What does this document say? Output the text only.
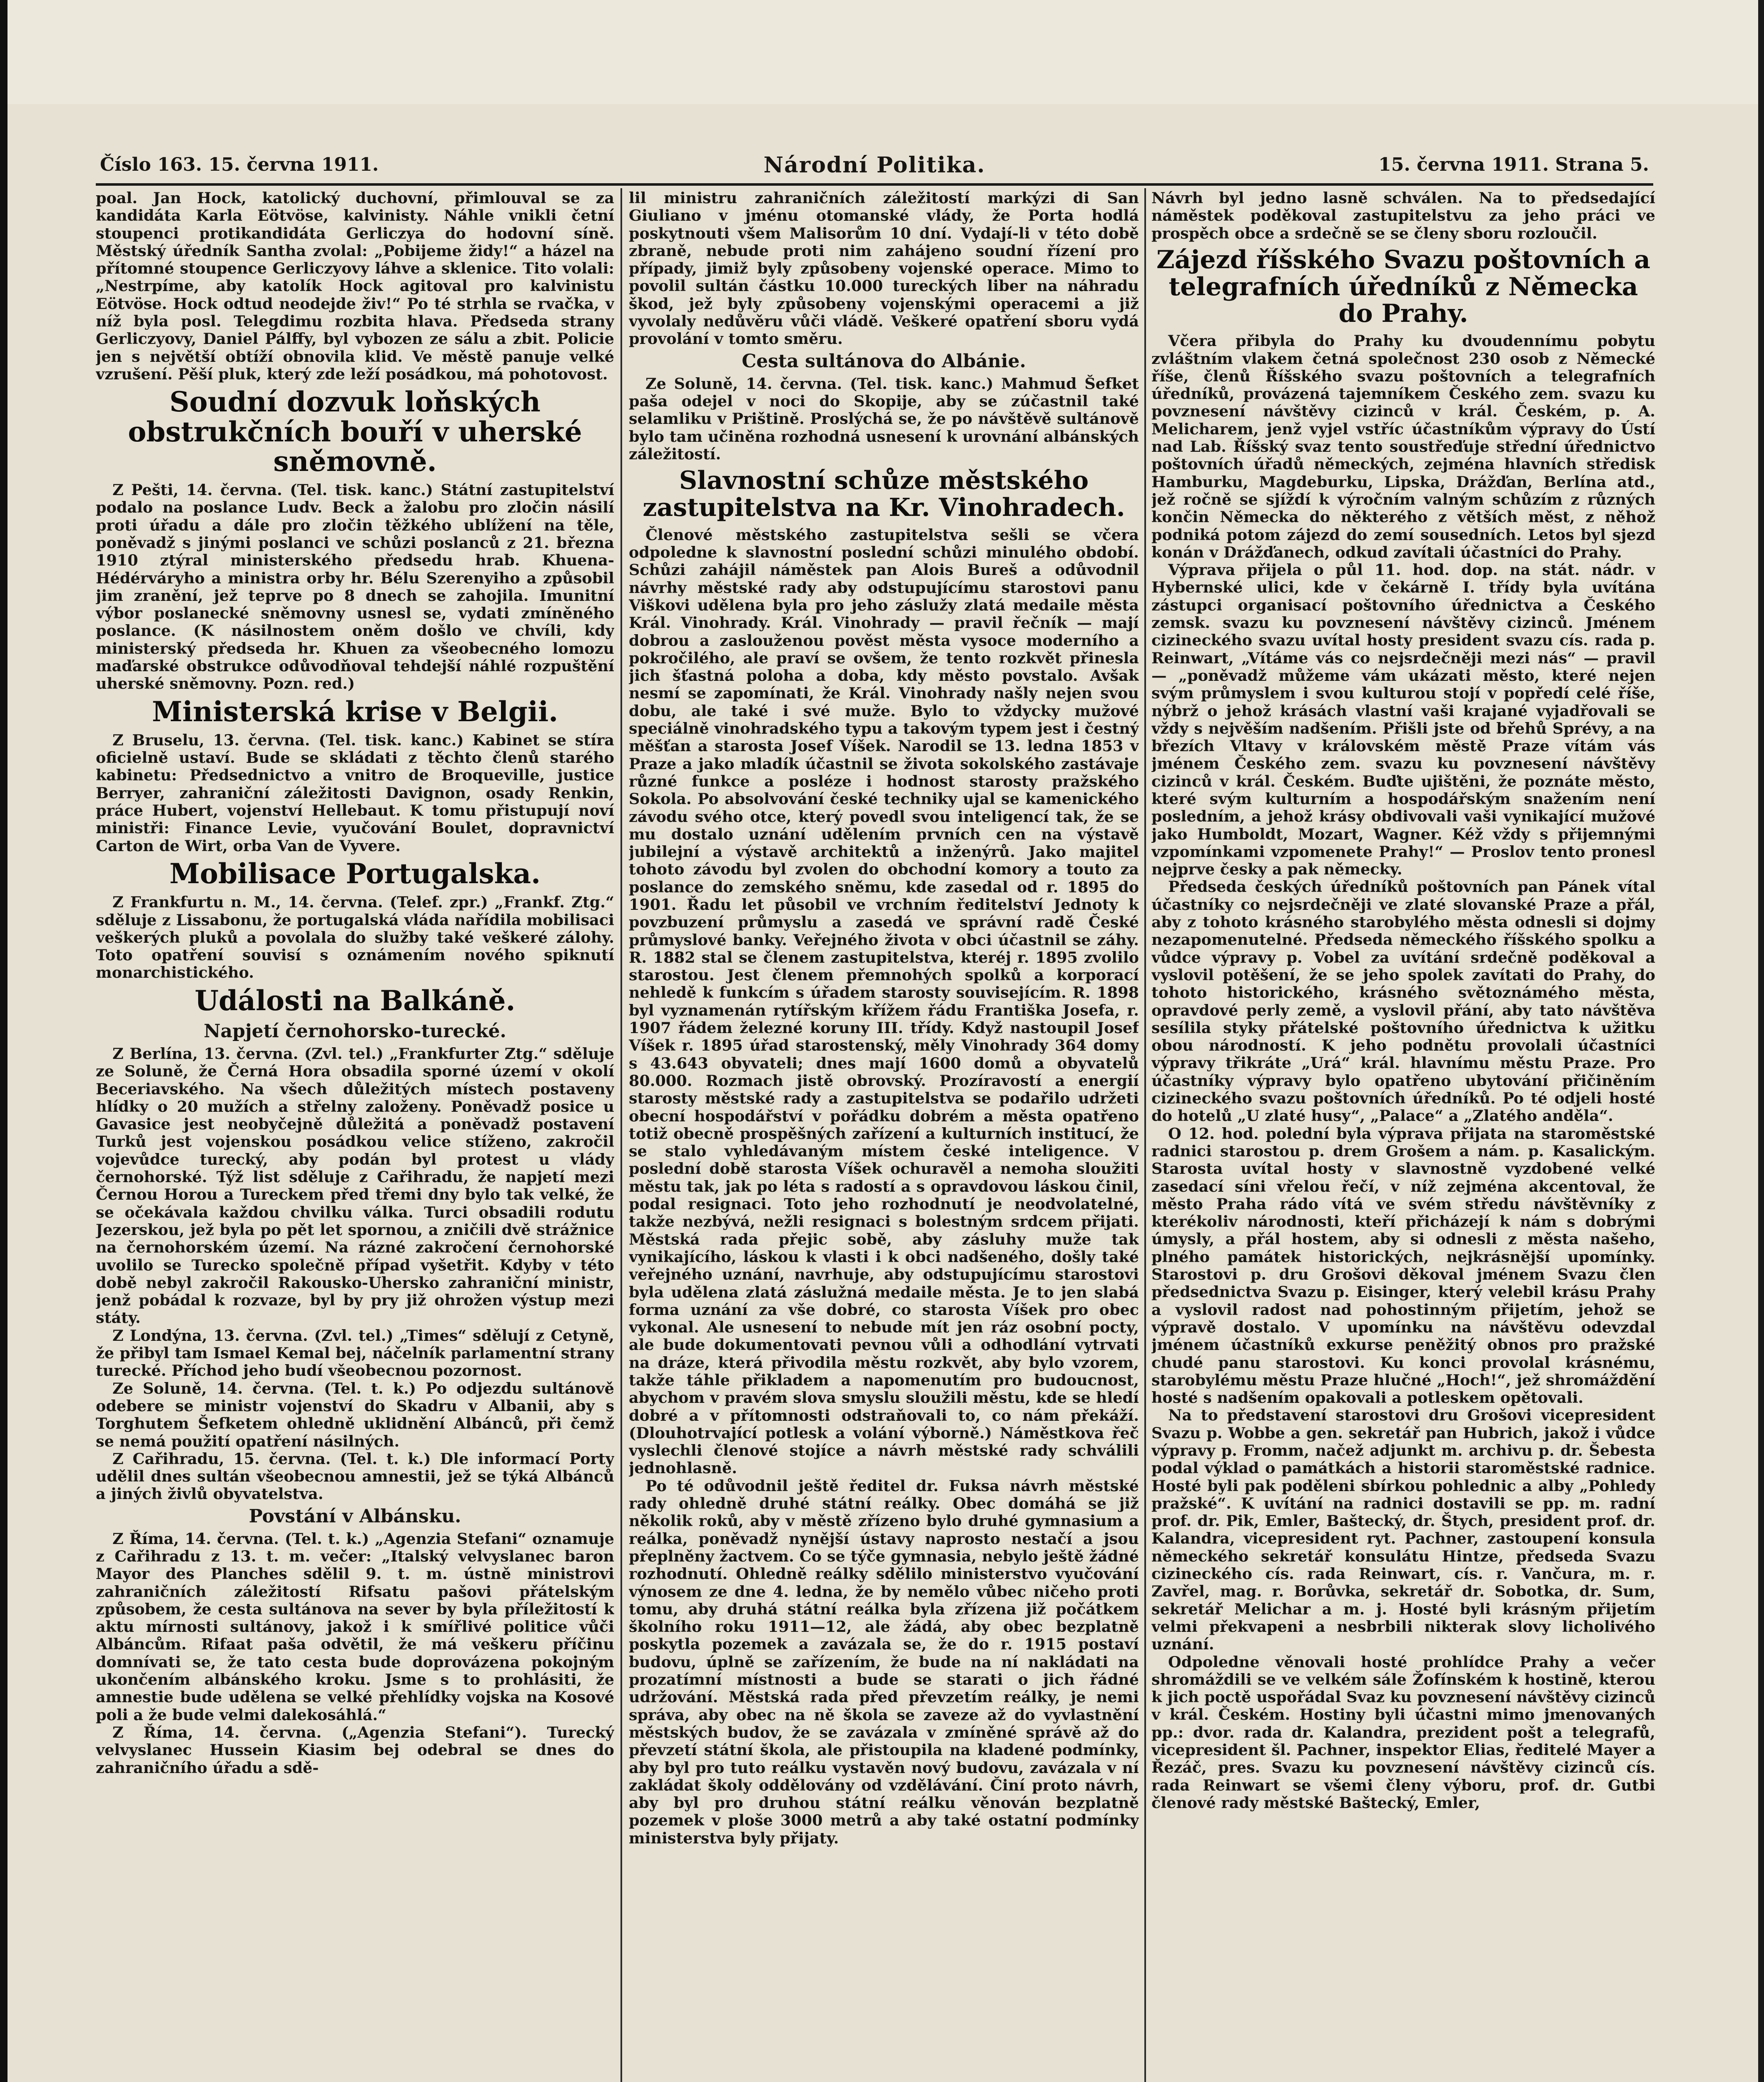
Národní Politika.
Číslo 163. 15. června 1911.	15. června 1911. Strana 5.

poal. Jan Hock, katolický duchovní, přimlouval se za kandidáta Karla Eötvöse, kalvinisty. Náhle vnikli četní stoupenci protikandidáta Gerliczya do hodovní síně. Městský úředník Santha zvolal: „Pobijeme židy!“ a házel na přítomné stoupence Gerliczyovy láhve a sklenice. Tito volali: „Nestrpíme, aby katolík Hock agitoval pro kalvinistu Eötvöse. Hock odtud neodejde živ!“ Po té strhla se rvačka, v níž byla posl. Telegdimu rozbita hlava. Předseda strany Gerliczyovy, Daniel Pálffy, byl vybozen ze sálu a zbit. Policie jen s největší obtíží obnovila klid. Ve městě panuje velké vzrušení. Pěší pluk, který zde leží posádkou, má pohotovost.

Soudní dozvuk loňských obstrukčních bouří v uherské sněmovně.

Z Pešti, 14. června. (Tel. tisk. kanc.) Státní zastupitelství podalo na poslance Ludv. Beck a žalobu pro zločin násilí proti úřadu a dále pro zločin těžkého ublížení na těle, poněvadž s jinými poslanci ve schůzi poslanců z 21. března 1910 ztýral ministerského předsedu hrab. Khuena-Hédérváryho a ministra orby hr. Bélu Szerenyiho a způsobil jim zranění, jež teprve po 8 dnech se zahojila. Imunitní výbor poslanecké sněmovny usnesl se, vydati zmíněného poslance. (K násilnostem oněm došlo ve chvíli, kdy ministerský předseda hr. Khuen za všeobecného lomozu maďarské obstrukce odůvodňoval tehdejší náhlé rozpuštění uherské sněmovny. Pozn. red.)

Ministerská krise v Belgii.

Z Bruselu, 13. června. (Tel. tisk. kanc.) Kabinet se stíra oficielně ustaví. Bude se skládati z těchto členů starého kabinetu: Předsednictvo a vnitro de Broqueville, justice Berryer, zahraniční záležitosti Davignon, osady Renkin, práce Hubert, vojenství Hellebaut. K tomu přistupují noví ministři: Finance Levie, vyučování Boulet, dopravnictví Carton de Wirt, orba Van de Vyvere.

Mobilisace Portugalska.

Z Frankfurtu n. M., 14. června. (Telef. zpr.) „Frankf. Ztg.“ sděluje z Lissabonu, že portugalská vláda nařídila mobilisaci veškerých pluků a povolala do služby také veškeré zálohy. Toto opatření souvisí s oznámením nového spiknutí monarchistického.

Události na Balkáně.
Napjetí černohorsko-turecké.

Z Berlína, 13. června. (Zvl. tel.) „Frankfurter Ztg.“ sděluje ze Soluně, že Černá Hora obsadila sporné území v okolí Beceriavského. Na všech důležitých místech postaveny hlídky o 20 mužích a střelny založeny. Poněvadž posice u Gavasice jest neobyčejně důležitá a poněvadž postavení Turků jest vojenskou posádkou velice stíženo, zakročil vojevůdce turecký, aby podán byl protest u vlády černohorské. Týž list sděluje z Cařihradu, že napjetí mezi Černou Horou a Tureckem před třemi dny bylo tak velké, že se očekávala každou chvilku válka. Turci obsadili rodutu Jezerskou, jež byla po pět let spornou, a zničili dvě strážnice na černohorském území. Na rázné zakročení černohorské uvolilo se Turecko společně případ vyšetřit. Kdyby v této době nebyl zakročil Rakousko-Uhersko zahraniční ministr, jenž pobádal k rozvaze, byl by pry již ohrožen výstup mezi státy.

Z Londýna, 13. června. (Zvl. tel.) „Times“ sdělují z Cetyně, že přibyl tam Ismael Kemal bej, náčelník parlamentní strany turecké. Příchod jeho budí všeobecnou pozornost.

Ze Soluně, 14. června. (Tel. t. k.) Po odjezdu sultánově odebere se ministr vojenství do Skadru v Albanii, aby s Torghutem Šefketem ohledně uklidnění Albánců, při čemž se nemá použití opatření násilných.

Z Cařihradu, 15. června. (Tel. t. k.) Dle informací Porty udělil dnes sultán všeobecnou amnestii, jež se týká Albánců a jiných živlů obyvatelstva.

Povstání v Albánsku.

Z Říma, 14. června. (Tel. t. k.) „Agenzia Stefani“ oznamuje z Cařihradu z 13. t. m. večer: „Italský velvyslanec baron Mayor des Planches sdělil 9. t. m. ústně ministrovi zahraničních záležitostí Rifsatu pašovi přátelským způsobem, že cesta sultánova na sever by byla příležitostí k aktu mírnosti sultánovy, jakož i k smířlivé politice vůči Albáncům. Rifaat paša odvětil, že má veškeru příčinu domnívati se, že tato cesta bude doprovázena pokojným ukončením albánského kroku. Jsme s to prohlásiti, že amnestie bude udělena se velké přehlídky vojska na Kosové poli a že bude velmi dalekosáhlá.“

Z Říma, 14. června. („Agenzia Stefani“). Turecký velvyslanec Hussein Kiasim bej odebral se dnes do zahraničního úřadu a sdě-

lil ministru zahraničních záležitostí markýzi di San Giuliano v jménu otomanské vlády, že Porta hodlá poskytnouti všem Malisorům 10 dní. Vydají-li v této době zbraně, nebude proti nim zahájeno soudní řízení pro případy, jimiž byly způsobeny vojenské operace. Mimo to povolil sultán částku 10.000 tureckých liber na náhradu škod, jež byly způsobeny vojenskými operacemi a již vyvolaly nedůvěru vůči vládě. Veškeré opatření sboru vydá provolání v tomto směru.

Cesta sultánova do Albánie.

Ze Soluně, 14. června. (Tel. tisk. kanc.) Mahmud Šefket paša odejel v noci do Skopije, aby se zúčastnil také selamliku v Prištině. Proslýchá se, že po návštěvě sultánově bylo tam učiněna rozhodná usnesení k urovnání albánských záležitostí.

Slavnostní schůze městského zastupitelstva na Kr. Vinohradech.

Členové městského zastupitelstva sešli se včera odpoledne k slavnostní poslední schůzi minulého období. Schůzi zahájil náměstek pan Alois Bureš a odůvodnil návrhy městské rady aby odstupujícímu starostovi panu Viškovi udělena byla pro jeho záslužy zlatá medaile města Král. Vinohrady. Král. Vinohrady — pravil řečník — mají dobrou a zaslouženou pověst města vysoce moderního a pokročilého, ale praví se ovšem, že tento rozkvět přinesla jich šťastná poloha a doba, kdy město povstalo. Avšak nesmí se zapomínati, že Král. Vinohrady našly nejen svou dobu, ale také i své muže. Bylo to vždycky mužové speciálně vinohradského typu a takovým typem jest i čestný měšťan a starosta Josef Víšek. Narodil se 13. ledna 1853 v Praze a jako mladík účastnil se života sokolského zastávaje různé funkce a posléze i hodnost starosty pražského Sokola. Po absolvování české techniky ujal se kamenického závodu svého otce, který povedl svou inteligencí tak, že se mu dostalo uznání udělením prvních cen na výstavě jubilejní a výstavě architektů a inženýrů. Jako majitel tohoto závodu byl zvolen do obchodní komory a touto za poslance do zemského sněmu, kde zasedal od r. 1895 do 1901. Řadu let působil ve vrchním ředitelství Jednoty k povzbuzení průmyslu a zasedá ve správní radě České průmyslové banky. Veřejného života v obci účastnil se záhy. R. 1882 stal se členem zastupitelstva, kteréj r. 1895 zvolilo starostou. Jest členem přemnohých spolků a korporací nehledě k funkcím s úřadem starosty souvisejícím. R. 1898 byl vyznamenán rytířským křížem řádu Františka Josefa, r. 1907 řádem železné koruny III. třídy. Když nastoupil Josef Víšek r. 1895 úřad starostenský, měly Vinohrady 364 domy s 43.643 obyvateli; dnes mají 1600 domů a obyvatelů 80.000. Rozmach jistě obrovský. Prozíravostí a energií starosty městské rady a zastupitelstva se podařilo udržeti obecní hospodářství v pořádku dobrém a města opatřeno totiž obecně prospěšných zařízení a kulturních institucí, že se stalo vyhledávaným místem české inteligence. V poslední době starosta Víšek ochuravěl a nemoha sloužiti městu tak, jak po léta s radostí a s opravdovou láskou činil, podal resignaci. Toto jeho rozhodnutí je neodvolatelné, takže nezbývá, nežli resignaci s bolestným srdcem přijati. Městská rada přejic sobě, aby zásluhy muže tak vynikajícího, láskou k vlasti i k obci nadšeného, došly také veřejného uznání, navrhuje, aby odstupujícímu starostovi byla udělena zlatá záslužná medaile města. Je to jen slabá forma uznání za vše dobré, co starosta Víšek pro obec vykonal. Ale usnesení to nebude mít jen ráz osobní pocty, ale bude dokumentovati pevnou vůli a odhodlání vytrvati na dráze, která přivodila městu rozkvět, aby bylo vzorem, takže táhle přikladem a napomenutím pro budoucnost, abychom v pravém slova smyslu sloužili městu, kde se hledí dobré a v přítomnosti odstraňovali to, co nám překáží. (Dlouhotrvající potlesk a volání výborně.) Náměstkova řeč vyslechli členové stojíce a návrh městské rady schválili jednohlasně.

Po té odůvodnil ještě ředitel dr. Fuksa návrh městské rady ohledně druhé státní reálky. Obec domáhá se již několik roků, aby v městě zřízeno bylo druhé gymnasium a reálka, poněvadž nynější ústavy naprosto nestačí a jsou přeplněny žactvem. Co se týče gymnasia, nebylo ještě žádné rozhodnutí. Ohledně reálky sdělilo ministerstvo vyučování výnosem ze dne 4. ledna, že by nemělo vůbec ničeho proti tomu, aby druhá státní reálka byla zřízena již počátkem školního roku 1911—12, ale žádá, aby obec bezplatně poskytla pozemek a zavázala se, že do r. 1915 postaví budovu, úplně se zařízením, že bude na ní nakládati na prozatímní místnosti a bude se starati o jich řádné udržování. Městská rada před převzetím reálky, je nemi správa, aby obec na ně škola se zaveze až do vyvlastnění městských budov, že se zavázala v zmíněné správě až do převzetí státní škola, ale přistoupila na kladené podmínky, aby byl pro tuto reálku vystavěn nový budovu, zavázala v ní zakládat školy oddělovány od vzdělávání. Činí proto návrh, aby byl pro druhou státní reálku věnován bezplatně pozemek v ploše 3000 metrů a aby také ostatní podmínky ministerstva byly přijaty.

Návrh byl jedno lasně schválen. Na to předsedající náměstek poděkoval zastupitelstvu za jeho práci ve prospěch obce a srdečně se se členy sboru rozloučil.

Zájezd říšského Svazu poštovních a telegrafních úředníků z Německa do Prahy.

Včera přibyla do Prahy ku dvoudennímu pobytu zvláštním vlakem četná společnost 230 osob z Německé říše, členů Říšského svazu poštovních a telegrafních úředníků, provázená tajemníkem Českého zem. svazu ku povznesení návštěvy cizinců v král. Českém, p. A. Melicharem, jenž vyjel vstříc účastníkům výpravy do Ústí nad Lab. Říšský svaz tento soustřeďuje střední úřednictvo poštovních úřadů německých, zejména hlavních středisk Hamburku, Magdeburku, Lipska, Drážďan, Berlína atd., jež ročně se sjíždí k výročním valným schůzím z různých končin Německa do některého z větších měst, z něhož podniká potom zájezd do zemí sousedních. Letos byl sjezd konán v Drážďanech, odkud zavítali účastníci do Prahy.

Výprava přijela o půl 11. hod. dop. na stát. nádr. v Hybernské ulici, kde v čekárně I. třídy byla uvítána zástupci organisací poštovního úřednictva a Českého zemsk. svazu ku povznesení návštěvy cizinců. Jménem cizineckého svazu uvítal hosty president svazu cís. rada p. Reinwart, „Vítáme vás co nejsrdečněji mezi nás“ — pravil — „poněvadž můžeme vám ukázati město, které nejen svým průmyslem i svou kulturou stojí v popředí celé říše, nýbrž o jehož krásách vlastní vaši krajané vyjadřovali se vždy s nejvěším nadšením. Přišli jste od břehů Sprévy, a na březích Vltavy v královském městě Praze vítám vás jménem Českého zem. svazu ku povznesení návštěvy cizinců v král. Českém. Buďte ujištěni, že poznáte město, které svým kulturním a hospodářským snažením není posledním, a jehož krásy obdivovali vaši vynikající mužové jako Humboldt, Mozart, Wagner. Kéž vždy s přijemnými vzpomínkami vzpomenete Prahy!“ — Proslov tento pronesl nejprve česky a pak německy.

Předseda českých úředníků poštovních pan Pánek vítal účastníky co nejsrdečněji ve zlaté slovanské Praze a přál, aby z tohoto krásného starobylého města odnesli si dojmy nezapomenutelné. Předseda německého říšského spolku a vůdce výpravy p. Vobel za uvítání srdečně poděkoval a vyslovil potěšení, že se jeho spolek zavítati do Prahy, do tohoto historického, krásného světoznámého města, opravdové perly země, a vyslovil přání, aby tato návštěva sesílila styky přátelské poštovního úřednictva k užitku obou národností. K jeho podnětu provolali účastníci výpravy třikráte „Urá“ král. hlavnímu městu Praze. Pro účastníky výpravy bylo opatřeno ubytování přičiněním cizineckého svazu poštovních úředníků. Po té odjeli hosté do hotelů „U zlaté husy“, „Palace“ a „Zlatého anděla“.

O 12. hod. polední byla výprava přijata na staroměstské radnici starostou p. drem Grošem a nám. p. Kasalickým. Starosta uvítal hosty v slavnostně vyzdobené velké zasedací síni vřelou řečí, v níž zejména akcentoval, že město Praha rádo vítá ve svém středu návštěvníky z kterékoliv národnosti, kteří přicházejí k nám s dobrými úmysly, a přál hostem, aby si odnesli z města našeho, plného památek historických, nejkrásnější upomínky. Starostovi p. dru Grošovi děkoval jménem Svazu člen předsednictva Svazu p. Eisinger, který velebil krásu Prahy a vyslovil radost nad pohostinným přijetím, jehož se výpravě dostalo. V upomínku na návštěvu odevzdal jménem účastníků exkurse peněžitý obnos pro pražské chudé panu starostovi. Ku konci provolal krásnému, starobylému městu Praze hlučné „Hoch!“, jež shromáždění hosté s nadšením opakovali a potleskem opětovali.

Na to představení starostovi dru Grošovi vicepresident Svazu p. Wobbe a gen. sekretář pan Hubrich, jakož i vůdce výpravy p. Fromm, načež adjunkt m. archivu p. dr. Šebesta podal výklad o památkách a historii staroměstské radnice. Hosté byli pak poděleni sbírkou pohlednic a alby „Pohledy pražské“. K uvítání na radnici dostavili se pp. m. radní prof. dr. Pik, Emler, Baštecký, dr. Štych, president prof. dr. Kalandra, vicepresident ryt. Pachner, zastoupení konsula německého sekretář konsulátu Hintze, předseda Svazu cizineckého cís. rada Reinwart, cís. r. Vančura, m. r. Zavřel, mag. r. Borůvka, sekretář dr. Sobotka, dr. Sum, sekretář Melichar a m. j. Hosté byli krásným přijetím velmi překvapeni a nesbrbili nikterak slovy licholivého uznání.

Odpoledne věnovali hosté prohlídce Prahy a večer shromáždili se ve velkém sále Žofínském k hostině, kterou k jich poctě uspořádal Svaz ku povznesení návštěvy cizinců v král. Českém. Hostiny byli účastni mimo jmenovaných pp.: dvor. rada dr. Kalandra, prezident pošt a telegrafů, vicepresident šl. Pachner, inspektor Elias, ředitelé Mayer a Řezáč, pres. Svazu ku povznesení návštěvy cizinců cís. rada Reinwart se všemi členy výboru, prof. dr. Gutbi členové rady městské Baštecký, Emler,
